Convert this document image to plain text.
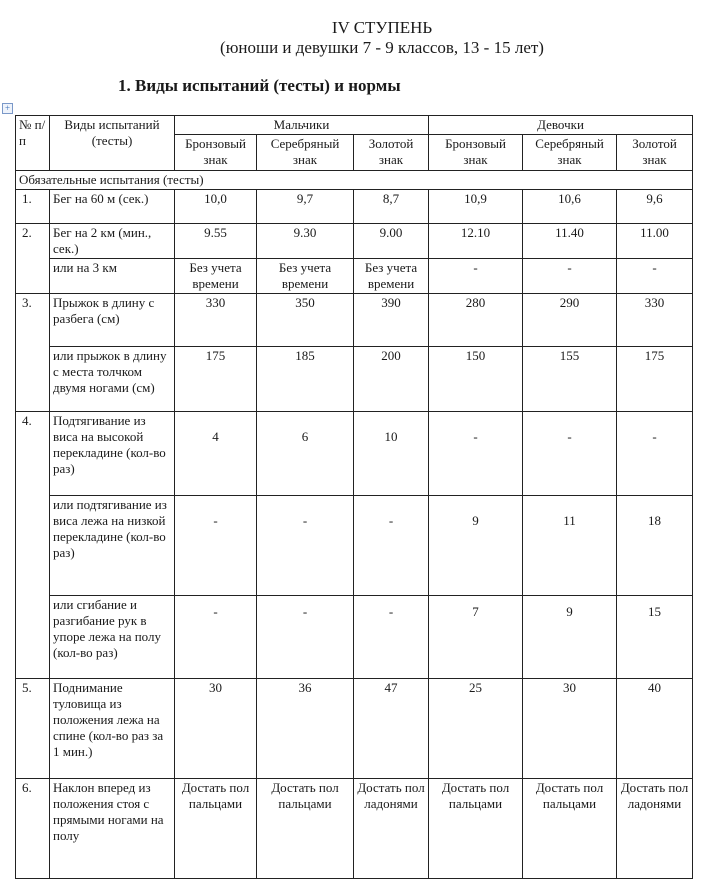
IV СТУПЕНЬ
(юноши и девушки 7 - 9 классов, 13 - 15 лет)
1. Виды испытаний (тесты) и нормы
+
№ п/п	Виды испытаний (тесты)	Мальчики			Девочки		
		Бронзовый знак	Серебряный знак	Золотой знак	Бронзовый знак	Серебряный знак	Золотой знак
Обязательные испытания (тесты)							
1.	Бег на 60 м (сек.)	10,0	9,7	8,7	10,9	10,6	9,6
2.	Бег на 2 км (мин., сек.)	9.55	9.30	9.00	12.10	11.40	11.00
	или на 3 км	Без учета времени	Без учета времени	Без учета времени	-	-	-
3.	Прыжок в длину с разбега (см)	330	350	390	280	290	330
	или прыжок в длину с места толчком двумя ногами (см)	175	185	200	150	155	175
4.	Подтягивание из виса на высокой перекладине (кол-во раз)	4	6	10	-	-	-
	или подтягивание из виса лежа на низкой перекладине (кол-во раз)	-	-	-	9	11	18
	или сгибание и разгибание рук в упоре лежа на полу (кол-во раз)	-	-	-	7	9	15
5.	Поднимание туловища из положения лежа на спине (кол-во раз за 1 мин.)	30	36	47	25	30	40
6.	Наклон вперед из положения стоя с прямыми ногами на полу	Достать пол пальцами	Достать пол пальцами	Достать пол ладонями	Достать пол пальцами	Достать пол пальцами	Достать пол ладонями
